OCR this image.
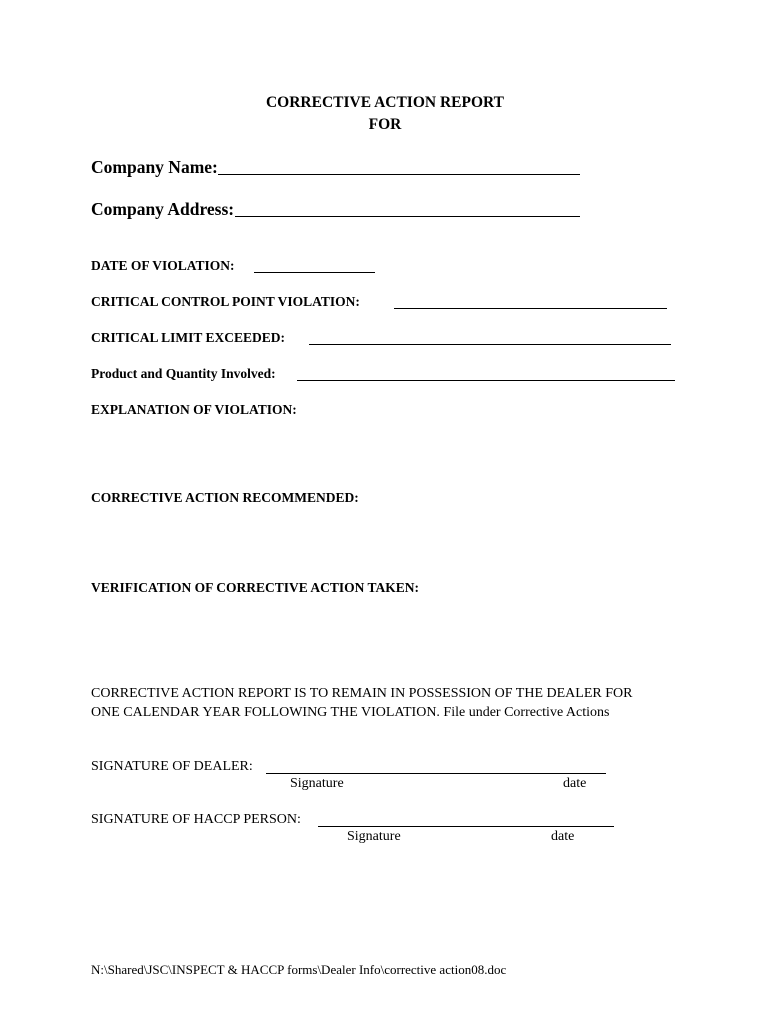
CORRECTIVE ACTION REPORT
FOR
Company Name:
Company Address:
DATE OF VIOLATION:
CRITICAL CONTROL POINT VIOLATION:
CRITICAL LIMIT EXCEEDED:
Product and Quantity Involved:
EXPLANATION OF VIOLATION:
CORRECTIVE ACTION RECOMMENDED:
VERIFICATION OF CORRECTIVE ACTION TAKEN:
CORRECTIVE ACTION REPORT IS TO REMAIN IN POSSESSION OF THE DEALER FOR
ONE CALENDAR YEAR FOLLOWING THE VIOLATION. File under Corrective Actions
SIGNATURE OF DEALER:
Signature	date
SIGNATURE OF HACCP PERSON:
Signature	date
N:\Shared\JSC\INSPECT & HACCP forms\Dealer Info\corrective action08.doc
